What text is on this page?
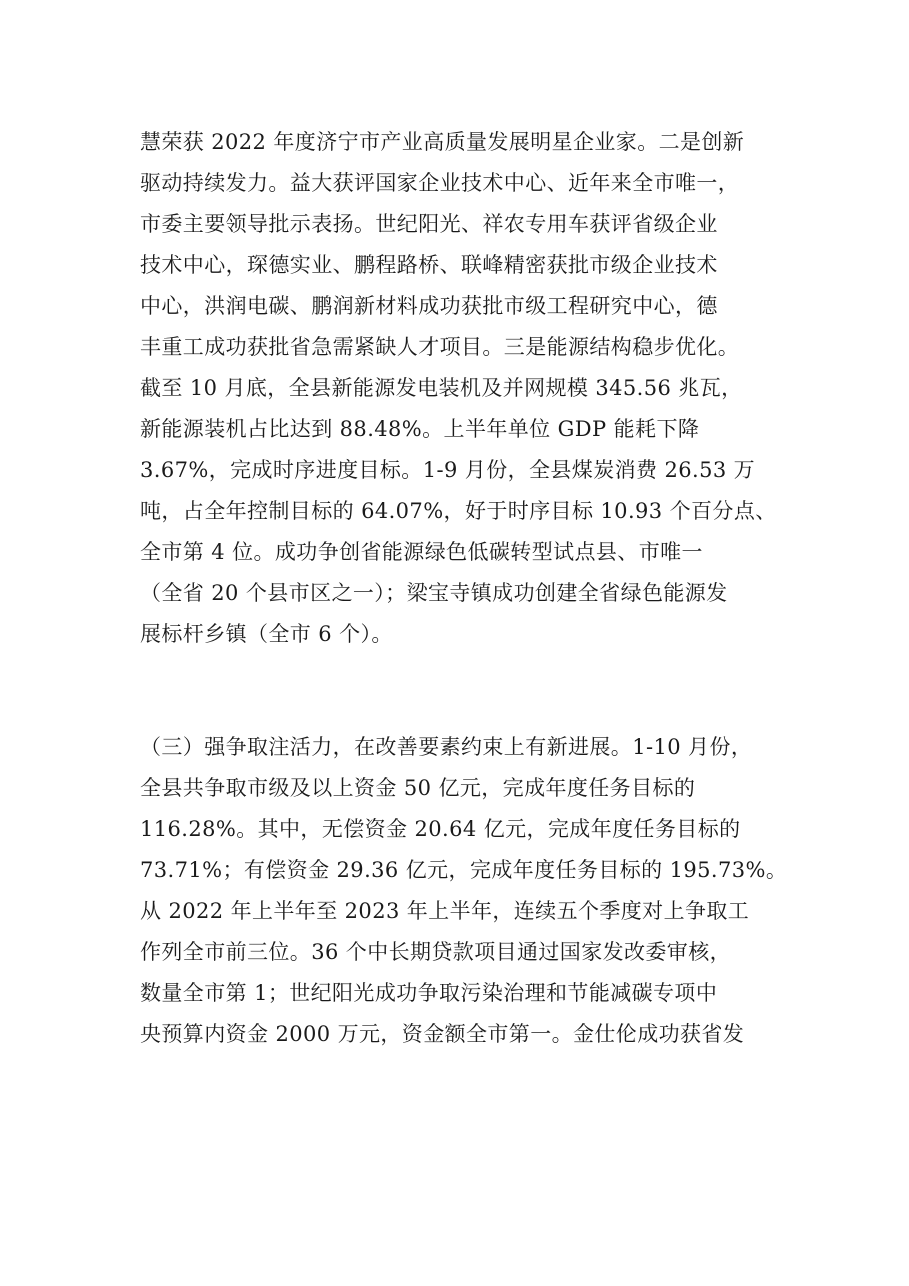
慧荣获 2022 年度济宁市产业高质量发展明星企业家。二是创新
驱动持续发力。益大获评国家企业技术中心、近年来全市唯一，
市委主要领导批示表扬。世纪阳光、祥农专用车获评省级企业
技术中心，琛德实业、鹏程路桥、联峰精密获批市级企业技术
中心，洪润电碳、鹏润新材料成功获批市级工程研究中心，德
丰重工成功获批省急需紧缺人才项目。三是能源结构稳步优化。
截至 10 月底，全县新能源发电装机及并网规模 345.56 兆瓦，
新能源装机占比达到 88.48%。上半年单位 GDP 能耗下降
3.67%，完成时序进度目标。1-9 月份，全县煤炭消费 26.53 万
吨，占全年控制目标的 64.07%，好于时序目标 10.93 个百分点、
全市第 4 位。成功争创省能源绿色低碳转型试点县、市唯一
（全省 20 个县市区之一）；梁宝寺镇成功创建全省绿色能源发
展标杆乡镇（全市 6 个）。
（三）强争取注活力，在改善要素约束上有新进展。1-10 月份，
全县共争取市级及以上资金 50 亿元，完成年度任务目标的
116.28%。其中，无偿资金 20.64 亿元，完成年度任务目标的
73.71%；有偿资金 29.36 亿元，完成年度任务目标的 195.73%。
从 2022 年上半年至 2023 年上半年，连续五个季度对上争取工
作列全市前三位。36 个中长期贷款项目通过国家发改委审核，
数量全市第 1；世纪阳光成功争取污染治理和节能减碳专项中
央预算内资金 2000 万元，资金额全市第一。金仕伦成功获省发
